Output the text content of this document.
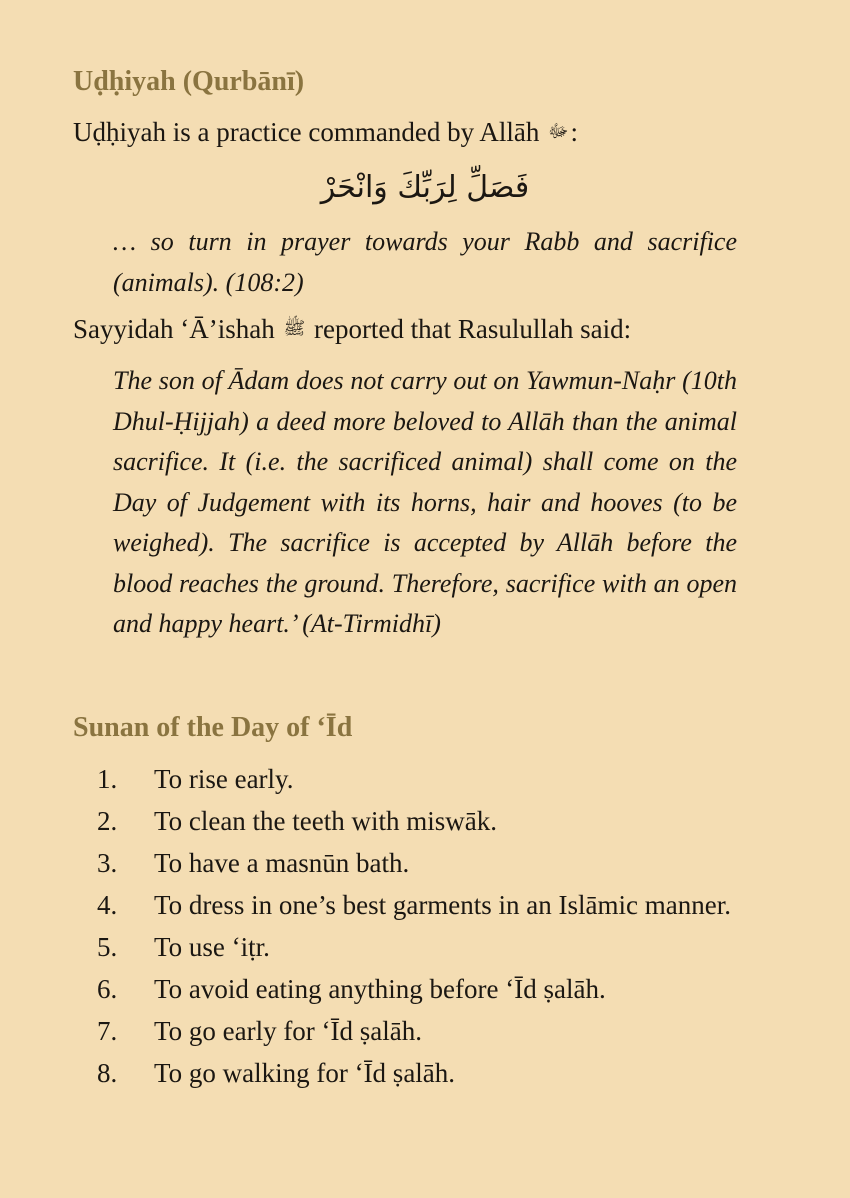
Uḍḥiyah (Qurbānī)

Uḍḥiyah is a practice commanded by Allāh ﷻ:

فَصَلِّ لِرَبِّكَ وَانْحَرْ

… so turn in prayer towards your Rabb and sacrifice (animals). (108:2)

Sayyidah ‘Ā’ishah ﷺ reported that Rasulullah said:

The son of Ādam does not carry out on Yawmun-Naḥr (10th Dhul-Ḥijjah) a deed more beloved to Allāh than the animal sacrifice. It (i.e. the sacrificed animal) shall come on the Day of Judgement with its horns, hair and hooves (to be weighed). The sacrifice is accepted by Allāh before the blood reaches the ground. Therefore, sacrifice with an open and happy heart.’ (At-Tirmidhī)

Sunan of the Day of ‘Īd
1. To rise early.
2. To clean the teeth with miswāk.
3. To have a masnūn bath.
4. To dress in one’s best garments in an Islāmic manner.
5. To use ‘iṭr.
6. To avoid eating anything before ‘Īd ṣalāh.
7. To go early for ‘Īd ṣalāh.
8. To go walking for ‘Īd ṣalāh.
